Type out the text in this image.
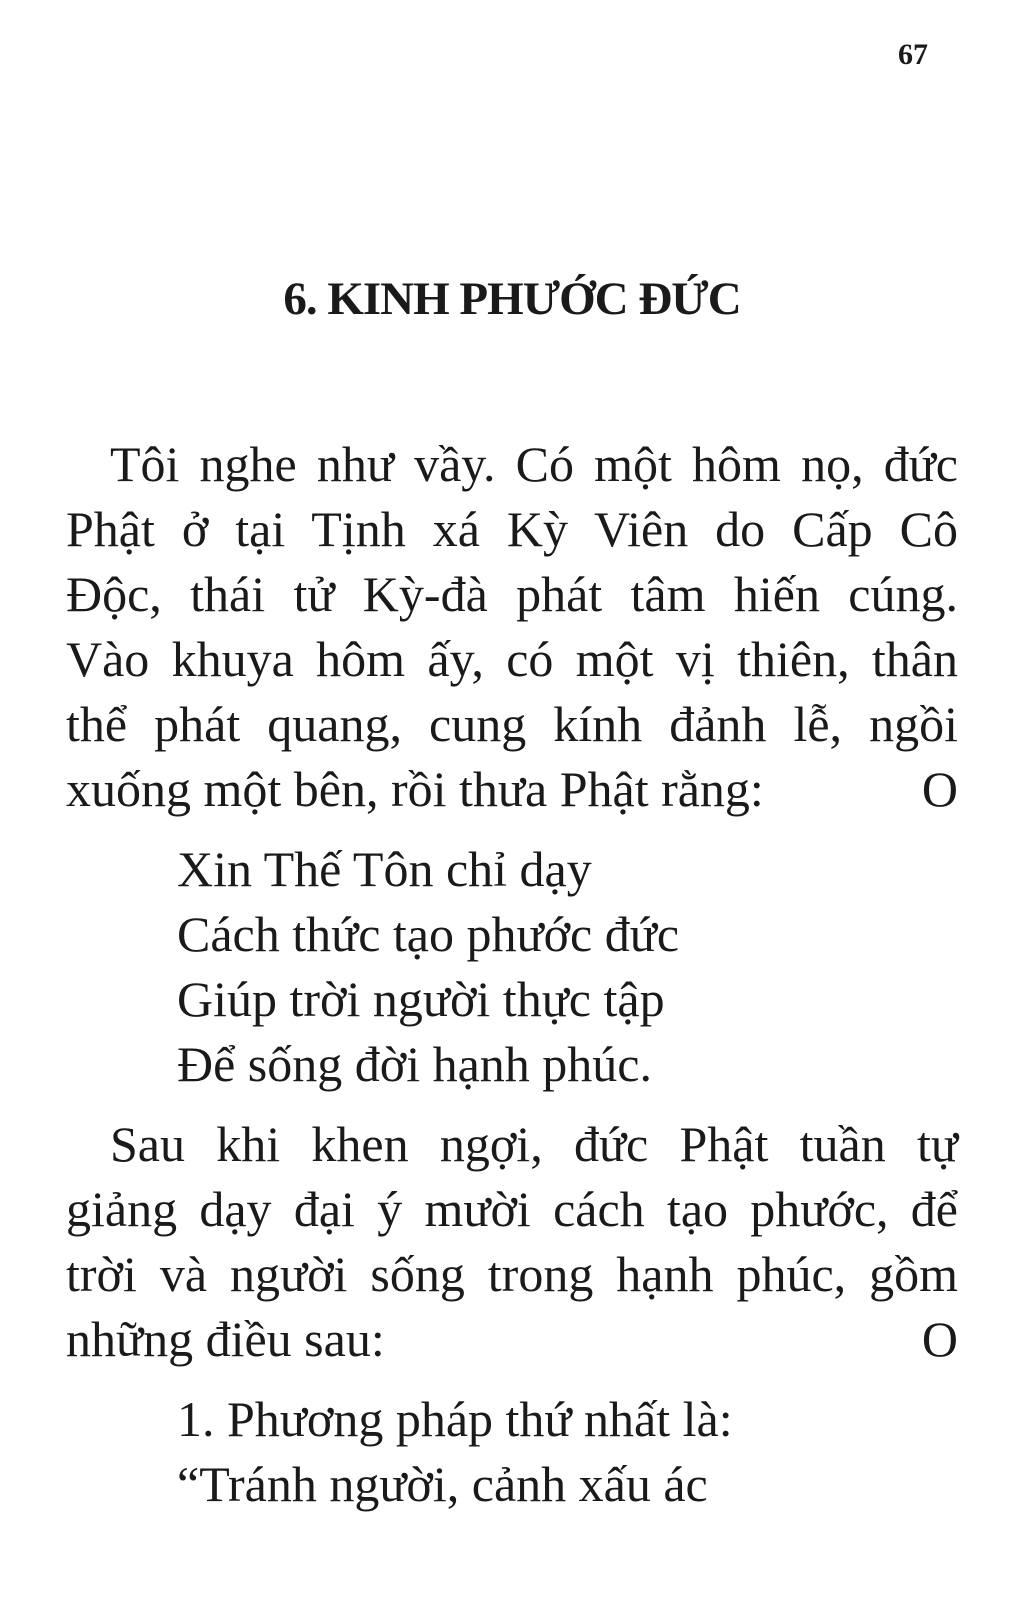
67
6. KINH PHƯỚC ĐỨC
Tôi nghe như vầy. Có một hôm nọ, đức
Phật ở tại Tịnh xá Kỳ Viên do Cấp Cô
Độc, thái tử Kỳ-đà phát tâm hiến cúng.
Vào khuya hôm ấy, có một vị thiên, thân
thể phát quang, cung kính đảnh lễ, ngồi
xuống một bên, rồi thưa Phật rằng:	O
Xin Thế Tôn chỉ dạy
Cách thức tạo phước đức
Giúp trời người thực tập
Để sống đời hạnh phúc.
Sau khi khen ngợi, đức Phật tuần tự
giảng dạy đại ý mười cách tạo phước, để
trời và người sống trong hạnh phúc, gồm
những điều sau:	O
1. Phương pháp thứ nhất là:
“Tránh người, cảnh xấu ác
